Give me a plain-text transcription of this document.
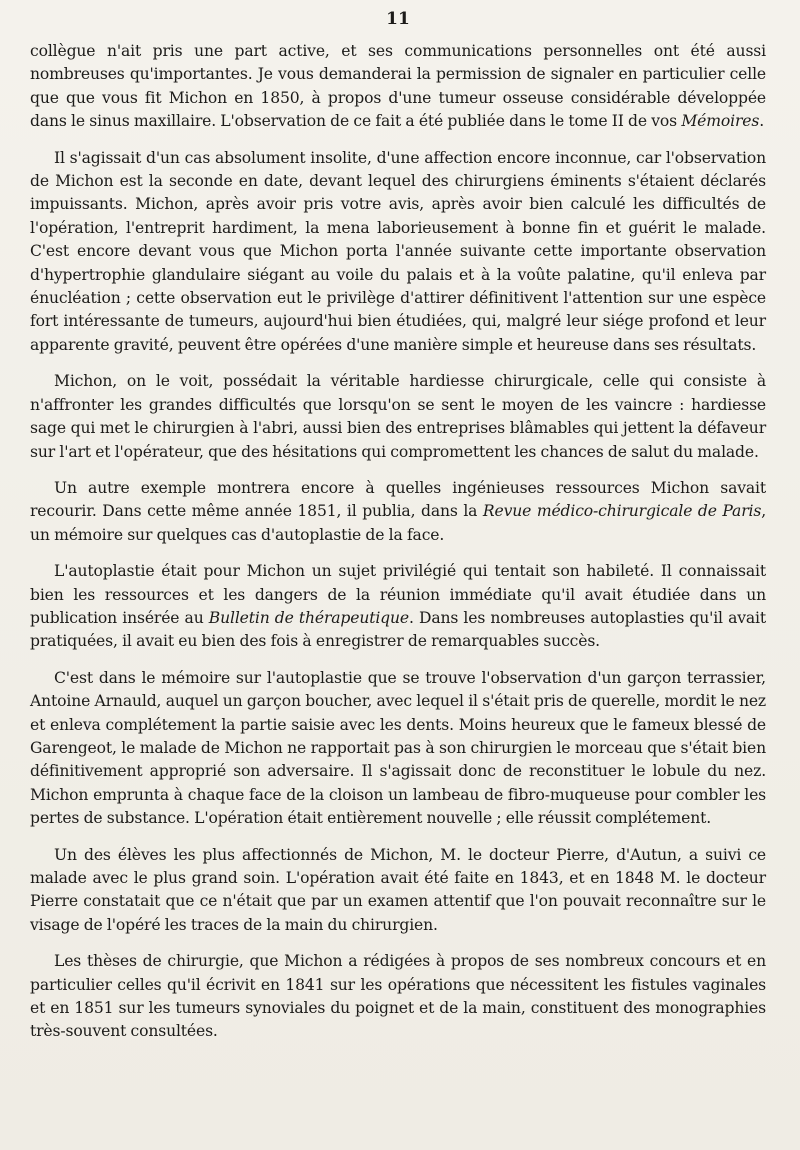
11

collègue n'ait pris une part active, et ses communications personnelles ont été aussi nombreuses qu'importantes. Je vous demanderai la permission de signaler en particulier celle que que vous fit Michon en 1850, à propos d'une tumeur osseuse considérable développée dans le sinus maxillaire. L'observation de ce fait a été publiée dans le tome II de vos Mémoires.

Il s'agissait d'un cas absolument insolite, d'une affection encore inconnue, car l'observation de Michon est la seconde en date, devant lequel des chirurgiens éminents s'étaient déclarés impuissants. Michon, après avoir pris votre avis, après avoir bien calculé les difficultés de l'opération, l'entreprit hardiment, la mena laborieusement à bonne fin et guérit le malade. C'est encore devant vous que Michon porta l'année suivante cette importante observation d'hypertrophie glandulaire siégant au voile du palais et à la voûte palatine, qu'il enleva par énucléation ; cette observation eut le privilège d'attirer définitivent l'attention sur une espèce fort intéressante de tumeurs, aujourd'hui bien étudiées, qui, malgré leur siége profond et leur apparente gravité, peuvent être opérées d'une manière simple et heureuse dans ses résultats.

Michon, on le voit, possédait la véritable hardiesse chirurgicale, celle qui consiste à n'affronter les grandes difficultés que lorsqu'on se sent le moyen de les vaincre : hardiesse sage qui met le chirurgien à l'abri, aussi bien des entreprises blâmables qui jettent la défaveur sur l'art et l'opérateur, que des hésitations qui compromettent les chances de salut du malade.

Un autre exemple montrera encore à quelles ingénieuses ressources Michon savait recourir. Dans cette même année 1851, il publia, dans la Revue médico-chirurgicale de Paris, un mémoire sur quelques cas d'autoplastie de la face.

L'autoplastie était pour Michon un sujet privilégié qui tentait son habileté. Il connaissait bien les ressources et les dangers de la réunion immédiate qu'il avait étudiée dans un publication insérée au Bulletin de thérapeutique. Dans les nombreuses autoplasties qu'il avait pratiquées, il avait eu bien des fois à enregistrer de remarquables succès.

C'est dans le mémoire sur l'autoplastie que se trouve l'observation d'un garçon terrassier, Antoine Arnauld, auquel un garçon boucher, avec lequel il s'était pris de querelle, mordit le nez et enleva complétement la partie saisie avec les dents. Moins heureux que le fameux blessé de Garengeot, le malade de Michon ne rapportait pas à son chirurgien le morceau que s'était bien définitivement approprié son adversaire. Il s'agissait donc de reconstituer le lobule du nez. Michon emprunta à chaque face de la cloison un lambeau de fibro-muqueuse pour combler les pertes de substance. L'opération était entièrement nouvelle ; elle réussit complétement.

Un des élèves les plus affectionnés de Michon, M. le docteur Pierre, d'Autun, a suivi ce malade avec le plus grand soin. L'opération avait été faite en 1843, et en 1848 M. le docteur Pierre constatait que ce n'était que par un examen attentif que l'on pouvait reconnaître sur le visage de l'opéré les traces de la main du chirurgien.

Les thèses de chirurgie, que Michon a rédigées à propos de ses nombreux concours et en particulier celles qu'il écrivit en 1841 sur les opérations que nécessitent les fistules vaginales et en 1851 sur les tumeurs synoviales du poignet et de la main, constituent des monographies très-souvent consultées.
